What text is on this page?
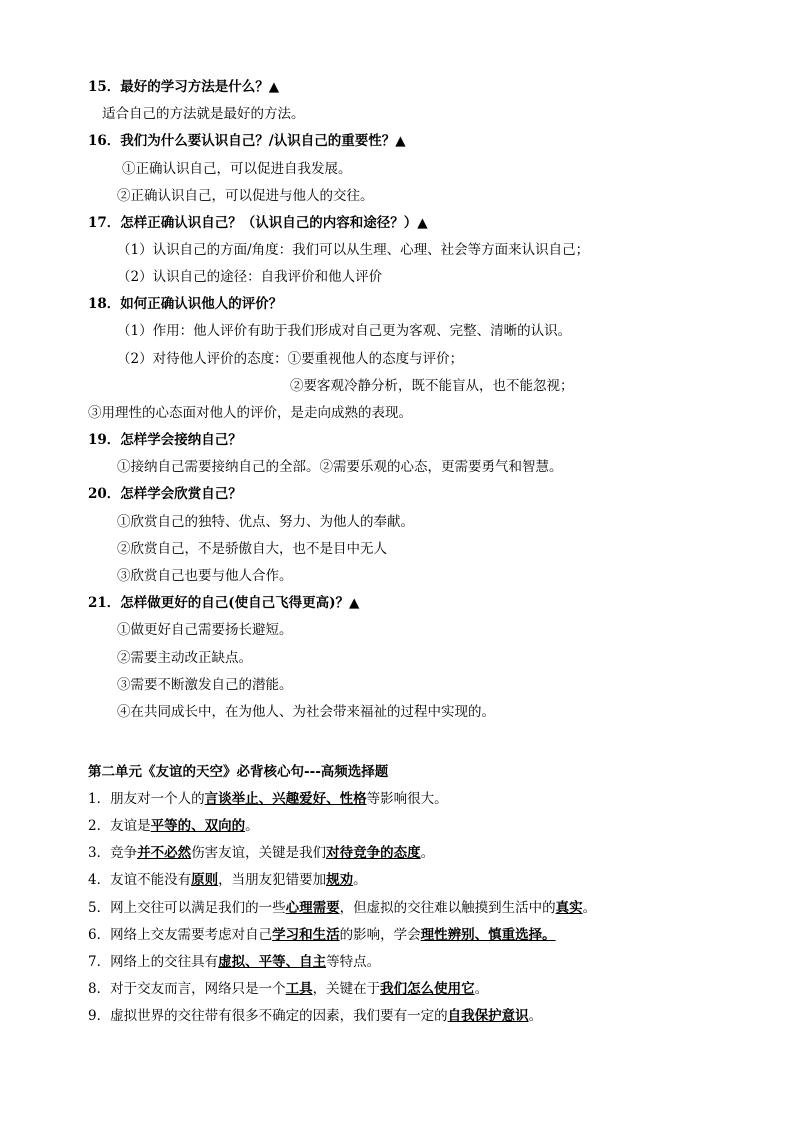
15．最好的学习方法是什么？▲
适合自己的方法就是最好的方法。
16．我们为什么要认识自己？/认识自己的重要性？▲
①正确认识自己，可以促进自我发展。
②正确认识自己，可以促进与他人的交往。
17．怎样正确认识自己？（认识自己的内容和途径？）▲
（1）认识自己的方面/角度：我们可以从生理、心理、社会等方面来认识自己；
（2）认识自己的途径：自我评价和他人评价
18．如何正确认识他人的评价？
（1）作用：他人评价有助于我们形成对自己更为客观、完整、清晰的认识。
（2）对待他人评价的态度：①要重视他人的态度与评价；
②要客观冷静分析，既不能盲从，也不能忽视；
③用理性的心态面对他人的评价，是走向成熟的表现。
19．怎样学会接纳自己？
①接纳自己需要接纳自己的全部。②需要乐观的心态，更需要勇气和智慧。
20．怎样学会欣赏自己？
①欣赏自己的独特、优点、努力、为他人的奉献。
②欣赏自己，不是骄傲自大，也不是目中无人
③欣赏自己也要与他人合作。
21．怎样做更好的自己(使自己飞得更高)？▲
①做更好自己需要扬长避短。
②需要主动改正缺点。
③需要不断激发自己的潜能。
④在共同成长中，在为他人、为社会带来福祉的过程中实现的。
第二单元《友谊的天空》必背核心句---高频选择题
1．朋友对一个人的言谈举止、兴趣爱好、性格等影响很大。
2．友谊是平等的、双向的。
3．竞争并不必然伤害友谊，关键是我们对待竞争的态度。
4．友谊不能没有原则，当朋友犯错要加规劝。
5．网上交往可以满足我们的一些心理需要，但虚拟的交往难以触摸到生活中的真实。
6．网络上交友需要考虑对自己学习和生活的影响，学会理性辨别、慎重选择。
7．网络上的交往具有虚拟、平等、自主等特点。
8．对于交友而言，网络只是一个工具，关键在于我们怎么使用它。
9．虚拟世界的交往带有很多不确定的因素，我们要有一定的自我保护意识。
